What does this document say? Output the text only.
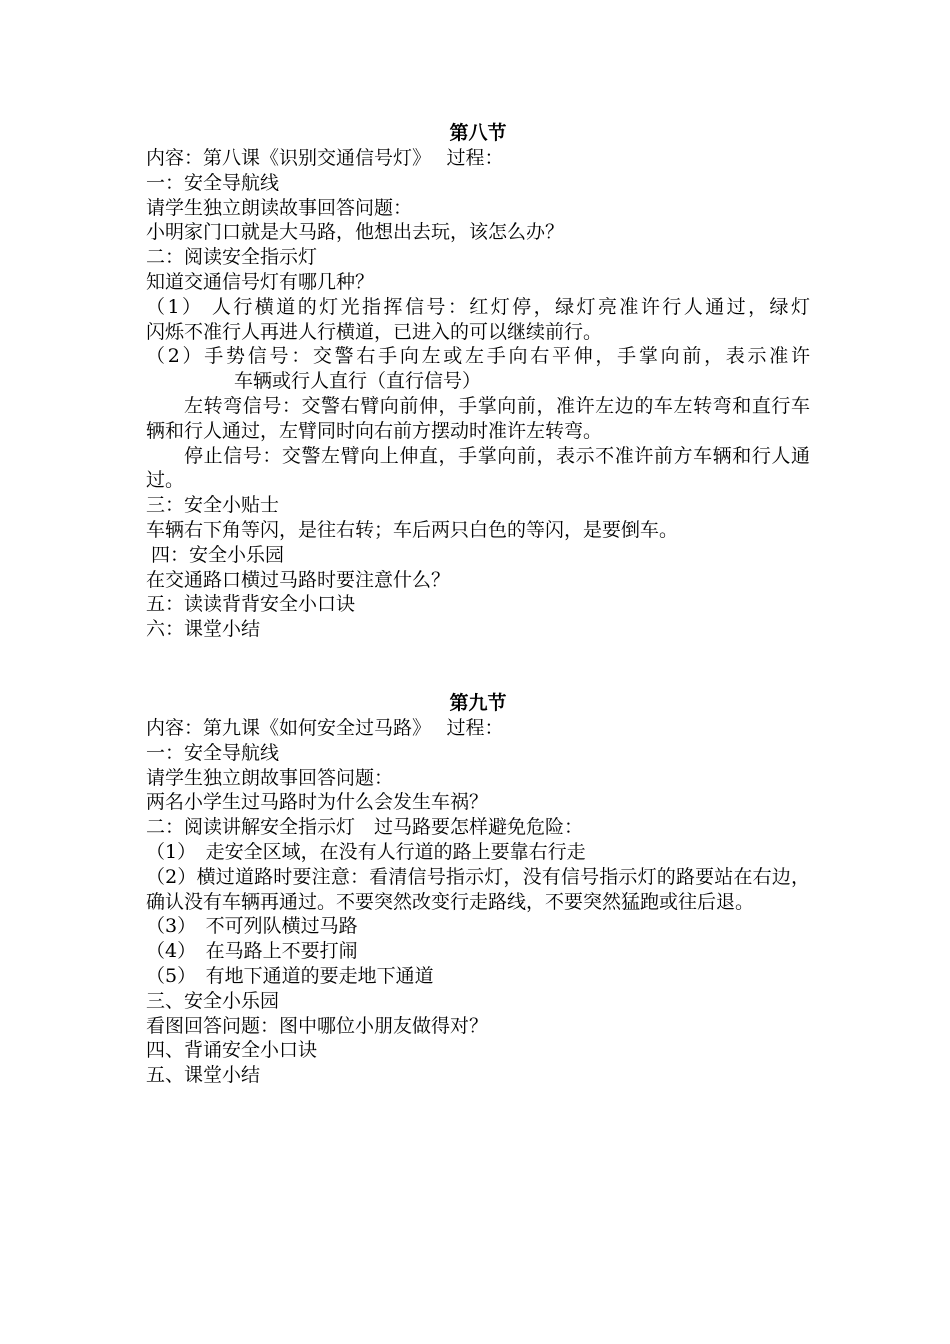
第八节
内容：第八课《识别交通信号灯》　 过程：
一：安全导航线
请学生独立朗读故事回答问题：
小明家门口就是大马路，他想出去玩，该怎么办？
二：阅读安全指示灯
知道交通信号灯有哪几种？
（1） 人行横道的灯光指挥信号：红灯停，绿灯亮准许行人通过，绿灯
闪烁不准行人再进人行横道，已进入的可以继续前行。
（2）手势信号：交警右手向左或左手向右平伸，手掌向前，表示准许
车辆或行人直行（直行信号）
左转弯信号：交警右臂向前伸，手掌向前，准许左边的车左转弯和直行车辆和行人通过，左臂同时向右前方摆动时准许左转弯。
停止信号：交警左臂向上伸直，手掌向前，表示不准许前方车辆和行人通过。
三：安全小贴士
车辆右下角等闪，是往右转；车后两只白色的等闪，是要倒车。
四：安全小乐园
在交通路口横过马路时要注意什么？
五：读读背背安全小口诀
六：课堂小结
第九节
内容：第九课《如何安全过马路》　 过程：
一：安全导航线
请学生独立朗故事回答问题：
两名小学生过马路时为什么会发生车祸？
二：阅读讲解安全指示灯　过马路要怎样避免危险：
（1）　走安全区域，在没有人行道的路上要靠右行走
（2）横过道路时要注意：看清信号指示灯，没有信号指示灯的路要站在右边，确认没有车辆再通过。不要突然改变行走路线，不要突然猛跑或往后退。
（3）　不可列队横过马路
（4）　在马路上不要打闹
（5）　有地下通道的要走地下通道
三、安全小乐园
看图回答问题：图中哪位小朋友做得对？
四、背诵安全小口诀
五、课堂小结
